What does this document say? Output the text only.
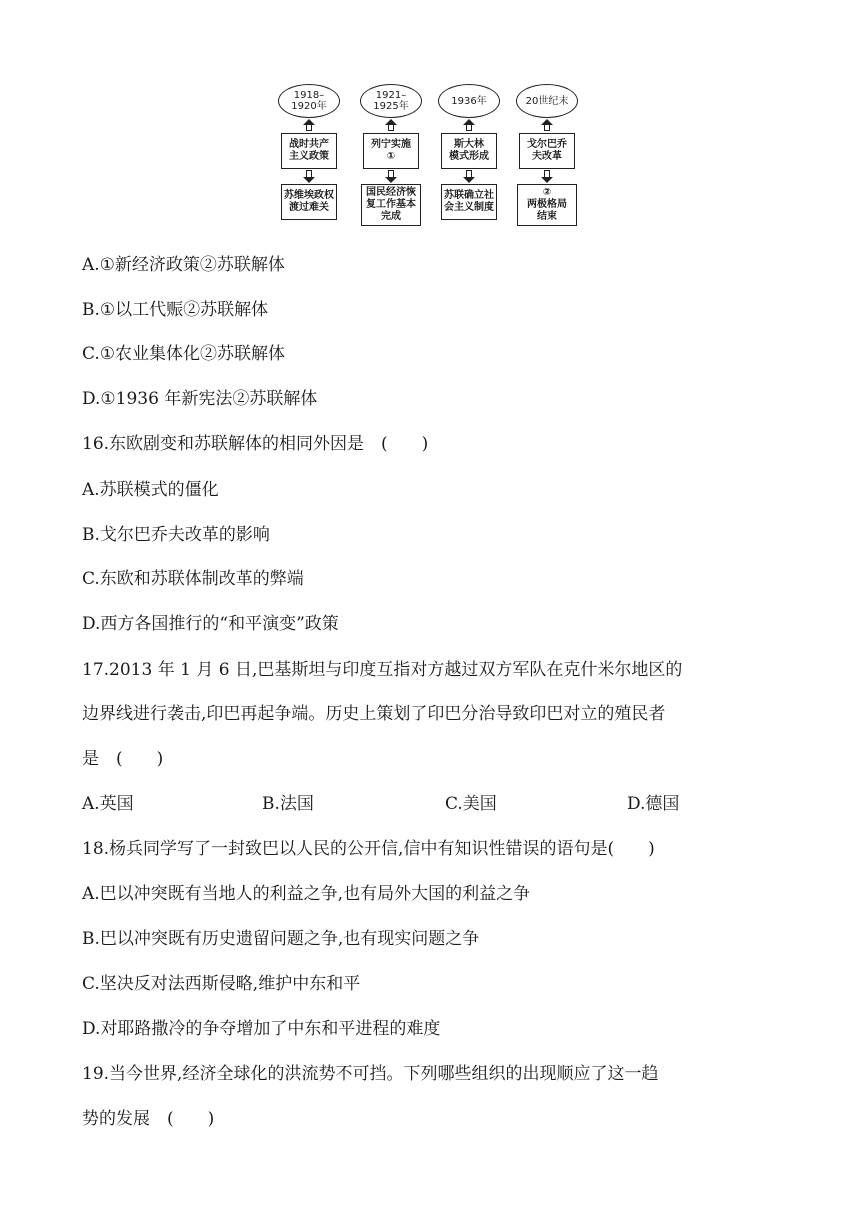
1918–
1920年
战时共产
主义政策
苏维埃政权
渡过难关
1921–
1925年
列宁实施
①
国民经济恢
复工作基本
完成
1936年
斯大林
模式形成
苏联确立社
会主义制度
20世纪末
戈尔巴乔
夫改革
②
两极格局
结束
A.①新经济政策②苏联解体
B.①以工代赈②苏联解体
C.①农业集体化②苏联解体
D.①1936 年新宪法②苏联解体
16.东欧剧变和苏联解体的相同外因是　(　　)
A.苏联模式的僵化
B.戈尔巴乔夫改革的影响
C.东欧和苏联体制改革的弊端
D.西方各国推行的“和平演变”政策
17.2013 年 1 月 6 日,巴基斯坦与印度互指对方越过双方军队在克什米尔地区的
边界线进行袭击,印巴再起争端。历史上策划了印巴分治导致印巴对立的殖民者
是　(　　)
A.英国	B.法国	C.美国	D.德国
18.杨兵同学写了一封致巴以人民的公开信,信中有知识性错误的语句是(　　)
A.巴以冲突既有当地人的利益之争,也有局外大国的利益之争
B.巴以冲突既有历史遗留问题之争,也有现实问题之争
C.坚决反对法西斯侵略,维护中东和平
D.对耶路撒冷的争夺增加了中东和平进程的难度
19.当今世界,经济全球化的洪流势不可挡。下列哪些组织的出现顺应了这一趋
势的发展　(　　)
